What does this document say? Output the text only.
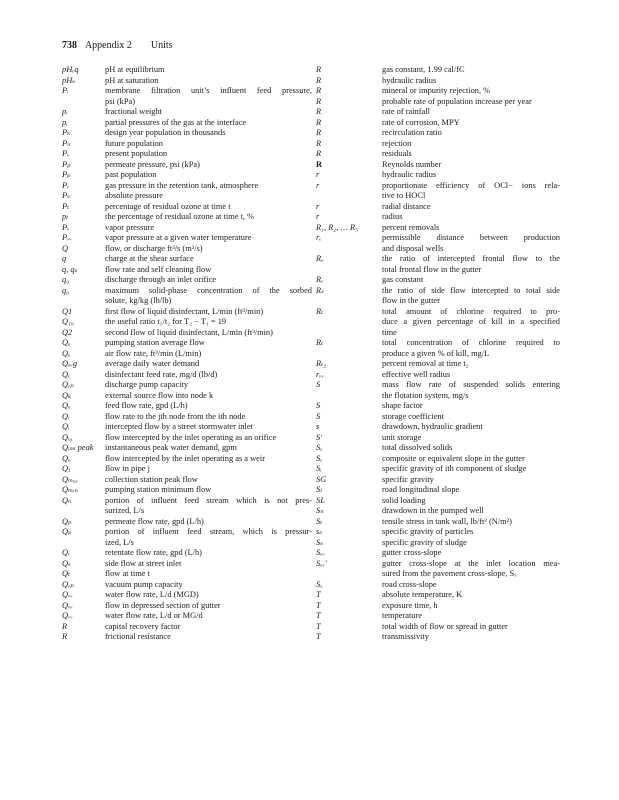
738 Appendix 2 Units
pHₑq	pH at equilibrium
pHₛ	pH at saturation
Pᵢ	membrane filtration unit’s influent feed pressure,
psi (kPa)
pᵢ	fractional weight
pᵢ	partial pressures of the gas at the interface
Pₖ	design year population in thousands
Pₙ	future population
Pₒ	present population
Pₚ	permeate pressure, psi (kPa)
Pₚ	past population
Pᵣ	gas pressure in the retention tank, atmosphere
Pₛ	absolute pressure
Pₜ	percentage of residual ozone at time t
pₜ	the percentage of residual ozone at time t, %
Pᵥ	vapor pressure
Pᵥᵥ	vapor pressure at a given water temperature
Q	flow, or discharge ft³/s (m³/s)
q	charge at the shear surface
q, qₛ	flow rate and self cleaning flow
q₀	discharge through an inlet orifice
q₀	maximum solid-phase concentration of the sorbed
solute, kg/kg (lb/lb)
Q1	first flow of liquid disinfectant, L/min (ft³/min)
Q₁₉	the useful ratio t₁/t₂ for T₂ − T₁ = 19
Q2	second flow of liquid disinfectant, L/min (ft³/min)
Qₐ	pumping station average flow
Qₐ	air flow rate, ft³/min (L/min)
Qₐᵥg	average daily water demand
Qₑ	disinfectant feed rate, mg/d (lb/d)
Qₑₚ	discharge pump capacity
Qₖ	external source flow into node k
Qₒ	feed flow rate, gpd (L/h)
Qᵢ	flow rate to the jth node from the ith node
Qᵢ	intercepted flow by a street stormwater inlet
Qᵢ₀	flow intercepted by the inlet operating as an orifice
Qᵢₙₛ peak	instantaneous peak water demand, gpm
Qᵢᵥ	flow intercepted by the inlet operating as a weir
Qⱼ	flow in pipe j
Qₘₐₓ	collection station peak flow
Qₘᵢₙ	pumping station minimum flow
Qₙ	portion of influent feed stream which is not pres-
surized, L/s
Qₚ	permeate flow rate, gpd (L/h)
Qₚ	portion of influent feed stream, which is pressur-
ized, L/s
Qᵣ	retentate flow rate, gpd (L/h)
Qₛ	side flow at street inlet
Qₜ	flow at time t
Qᵥₚ	vacuum pump capacity
Qᵥᵥ	water flow rate, L/d (MGD)
Qᵥᵥ	flow in depressed section of gutter
Qᵥᵥ	water flow rate, L/d or MG/d
R	capital recovery factor
R	frictional resistance
R	gas constant, 1.99 cal/fC
R	hydraulic radius
R	mineral or impurity rejection, %
R	probable rate of population increase per year
R	rate of rainfall
R	rate of corrosion, MPY
R	recirculation ratio
R	rejection
R	residuals
R	Reynolds number
r	hydraulic radius
r	proportionate efficiency of OCl− ions rela-
tive to HOCl
r	radial distance
r	radius
R₁, R₂, … R₅	percent removals
rₑ	permissible distance between production
and disposal wells
Rₒ	the ratio of intercepted frontal flow to the
total frontal flow in the gutter
Rₑ	gas constant
Rₛ	the ratio of side flow intercepted to total side
flow in the gutter
Rₜ	total amount of chlorine required to pro-
duce a given percentage of kill in a specified
time
Rₜ	total concentration of chlorine required to
produce a given % of kill, mg/L
Rₜ₂	percent removal at time t₂
rᵥᵥ	effective well radius
S	mass flow rate of suspended solids entering
the flotation system, mg/s
S	shape factor
S	storage coefficient
s	drawdown, hydraulic gradient
S′	unit storage
Sₑ	total dissolved solids
Sₑ	composite or equivalent slope in the gutter
Sᵢ	specific gravity of ith component of sludge
SG	specific gravity
Sₗ	road longitudinal slope
SL	solid loading
Sₙ	drawdown in the pumped well
Sₜ	tensile stress in tank wall, lb/ft² (N/m²)
sₛ	specific gravity of particles
Sₛ	specific gravity of sludge
Sᵥᵥ	gutter cross-slope
Sᵥᵥ′	gutter cross-slope at the inlet location mea-
sured from the pavement cross-slope, Sₓ
Sₓ	road cross-slope
T	absolute temperature, K
T	exposure time, h
T	temperature
T	total width of flow or spread in gutter
T	transmissivity
